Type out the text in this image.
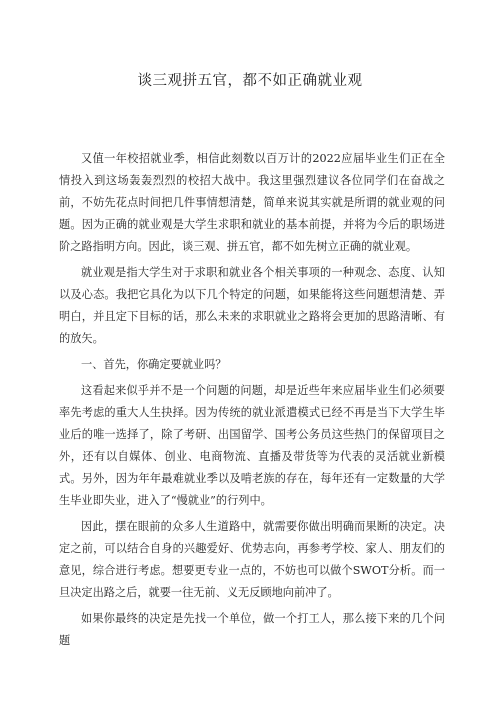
谈三观拼五官，都不如正确就业观

又值一年校招就业季，相信此刻数以百万计的2022应届毕业生们正在全情投入到这场轰轰烈烈的校招大战中。我这里强烈建议各位同学们在奋战之前，不妨先花点时间把几件事情想清楚，简单来说其实就是所谓的就业观的问题。因为正确的就业观是大学生求职和就业的基本前提，并将为今后的职场进阶之路指明方向。因此，谈三观、拼五官，都不如先树立正确的就业观。

就业观是指大学生对于求职和就业各个相关事项的一种观念、态度、认知以及心态。我把它具化为以下几个特定的问题，如果能将这些问题想清楚、弄明白，并且定下目标的话，那么未来的求职就业之路将会更加的思路清晰、有的放矢。

一、首先，你确定要就业吗？

这看起来似乎并不是一个问题的问题，却是近些年来应届毕业生们必须要率先考虑的重大人生抉择。因为传统的就业派遣模式已经不再是当下大学生毕业后的唯一选择了，除了考研、出国留学、国考公务员这些热门的保留项目之外，还有以自媒体、创业、电商物流、直播及带货等为代表的灵活就业新模式。另外，因为年年最难就业季以及啃老族的存在，每年还有一定数量的大学生毕业即失业，进入了“慢就业”的行列中。

因此，摆在眼前的众多人生道路中，就需要你做出明确而果断的决定。决定之前，可以结合自身的兴趣爱好、优势志向，再参考学校、家人、朋友们的意见，综合进行考虑。想要更专业一点的，不妨也可以做个SWOT分析。而一旦决定出路之后，就要一往无前、义无反顾地向前冲了。

如果你最终的决定是先找一个单位，做一个打工人，那么接下来的几个问题
